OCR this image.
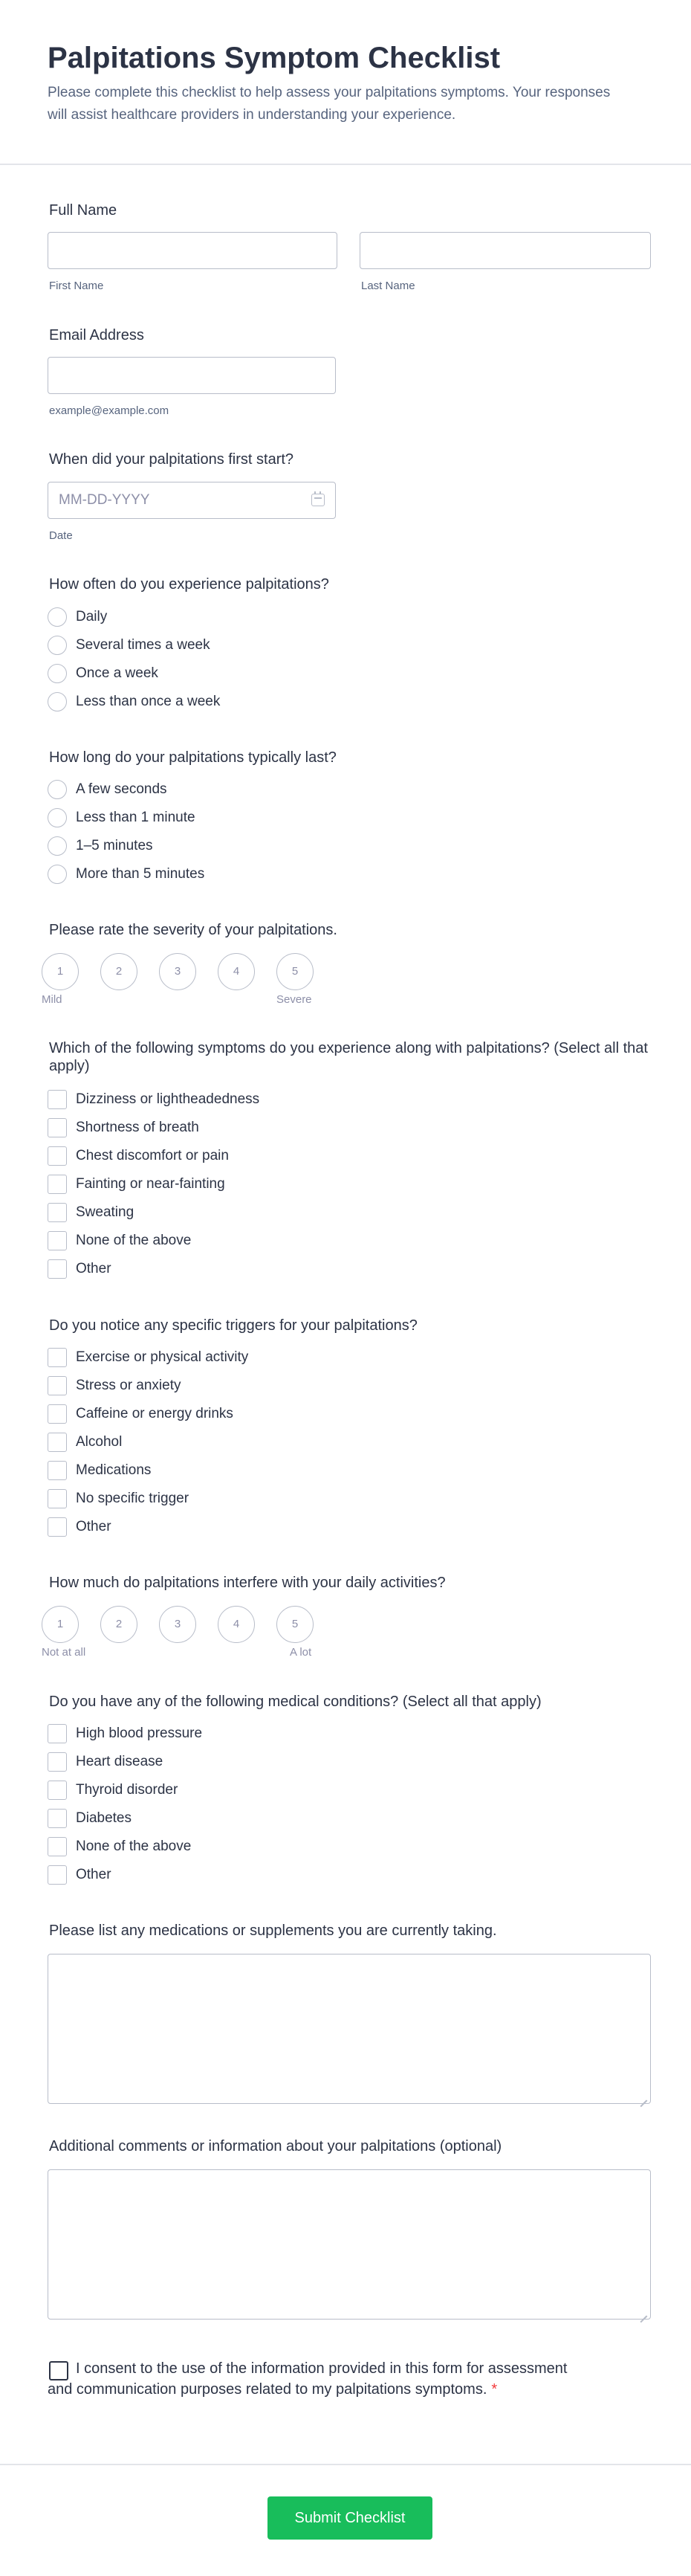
Palpitations Symptom Checklist

Please complete this checklist to help assess your palpitations symptoms. Your responses will assist healthcare providers in understanding your experience.

Full Name
First Name	Last Name
Email Address
example@example.com
When did your palpitations first start?
MM-DD-YYYY
Date
How often do you experience palpitations?
Daily
Several times a week
Once a week
Less than once a week
How long do your palpitations typically last?
A few seconds
Less than 1 minute
1–5 minutes
More than 5 minutes
Please rate the severity of your palpitations.
1	2	3	4	5
Mild	Severe
Which of the following symptoms do you experience along with palpitations? (Select all that apply)
Dizziness or lightheadedness
Shortness of breath
Chest discomfort or pain
Fainting or near-fainting
Sweating
None of the above
Other
Do you notice any specific triggers for your palpitations?
Exercise or physical activity
Stress or anxiety
Caffeine or energy drinks
Alcohol
Medications
No specific trigger
Other
How much do palpitations interfere with your daily activities?
1	2	3	4	5
Not at all	A lot
Do you have any of the following medical conditions? (Select all that apply)
High blood pressure
Heart disease
Thyroid disorder
Diabetes
None of the above
Other
Please list any medications or supplements you are currently taking.
Additional comments or information about your palpitations (optional)
I consent to the use of the information provided in this form for assessment and communication purposes related to my palpitations symptoms. *
Submit Checklist
